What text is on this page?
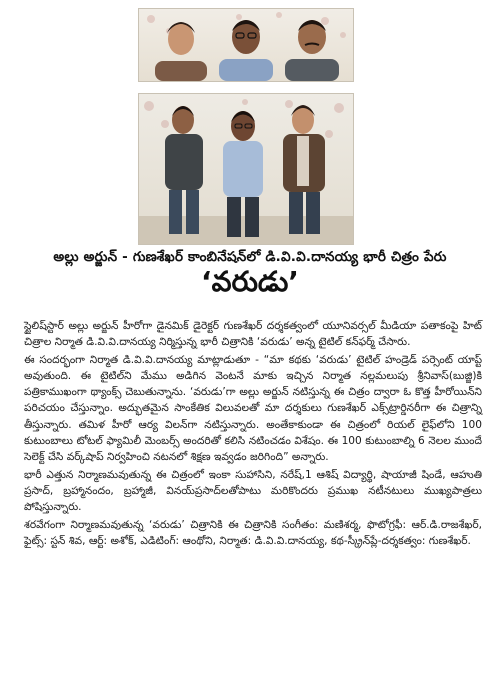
అల్లు అర్జున్ - గుణశేఖర్ కాంబినేషన్‌లో డి.వి.వి.దానయ్య భారీ చిత్రం పేరు
‘వరుడు’

స్టైలిష్‌స్టార్ అల్లు అర్జున్ హీరోగా డైనమిక్ డైరెక్టర్ గుణశేఖర్ దర్శకత్వంలో యూనివర్సల్ మీడియా పతాకంపై హిట్ చిత్రాల నిర్మాత డి.వి.వి.దానయ్య నిర్మిస్తున్న భారీ చిత్రానికి ‘వరుడు’ అన్న టైటిల్ కన్‌ఫర్మ్ చేసారు.

ఈ సందర్భంగా నిర్మాత డి.వి.వి.దానయ్య మాట్లాడుతూ - “మా కథకు ‘వరుడు’ టైటిల్ హండ్రెడ్ పర్సెంట్ యాప్ట్ అవుతుంది. ఈ టైటిల్‌ని మేము అడిగిన వెంటనే మాకు ఇచ్చిన నిర్మాత నల్లమలుపు శ్రీనివాస్(బుజ్జి)కి పత్రికాముఖంగా థ్యాంక్స్ చెబుతున్నాను. ‘వరుడు’గా అల్లు అర్జున్ నటిస్తున్న ఈ చిత్రం ద్వారా ఓ కొత్త హీరోయిన్‌ని పరిచయం చేస్తున్నాం. అద్భుతమైన సాంకేతిక విలువలతో మా దర్శకులు గుణశేఖర్ ఎక్స్‌ట్రార్డినరీగా ఈ చిత్రాన్ని తీస్తున్నారు. తమిళ హీరో ఆర్య విలన్‌గా నటిస్తున్నారు. అంతేకాకుండా ఈ చిత్రంలో రియల్ లైఫ్‌లోని 100 కుటుంబాలు టోటల్ ఫ్యామిలీ మెంబర్స్ అందరితో కలిసి నటించడం విశేషం. ఈ 100 కుటుంబాల్ని 6 నెలల ముందే సెలెక్ట్ చేసి వర్క్‌షాప్ నిర్వహించి నటనలో శిక్షణ ఇవ్వడం జరిగింది” అన్నారు.

భారీ ఎత్తున నిర్మాణమవుతున్న ఈ చిత్రంలో ఇంకా సుహాసిని, నరేష్,1 ఆశిష్ విద్యార్థి, షాయాజీ షిండే, ఆహుతి ప్రసాద్, బ్రహ్మానందం, బ్రహ్మాజీ, వినయ్‌ప్రసాద్‌లతోపాటు మరికొందరు ప్రముఖ నటీనటులు ముఖ్యపాత్రలు పోషిస్తున్నారు.

శరవేగంగా నిర్మాణమవుతున్న ‘వరుడు’ చిత్రానికి ఈ చిత్రానికి సంగీతం: మణిశర్మ, ఫొటోగ్రఫీ: ఆర్.డి.రాజశేఖర్, ఫైట్స్: స్టన్ శివ, ఆర్ట్: అశోక్, ఎడిటింగ్: ఆంథోని, నిర్మాత: డి.వి.వి.దానయ్య, కథ-స్క్రీన్‌ప్లే-దర్శకత్వం: గుణశేఖర్.
